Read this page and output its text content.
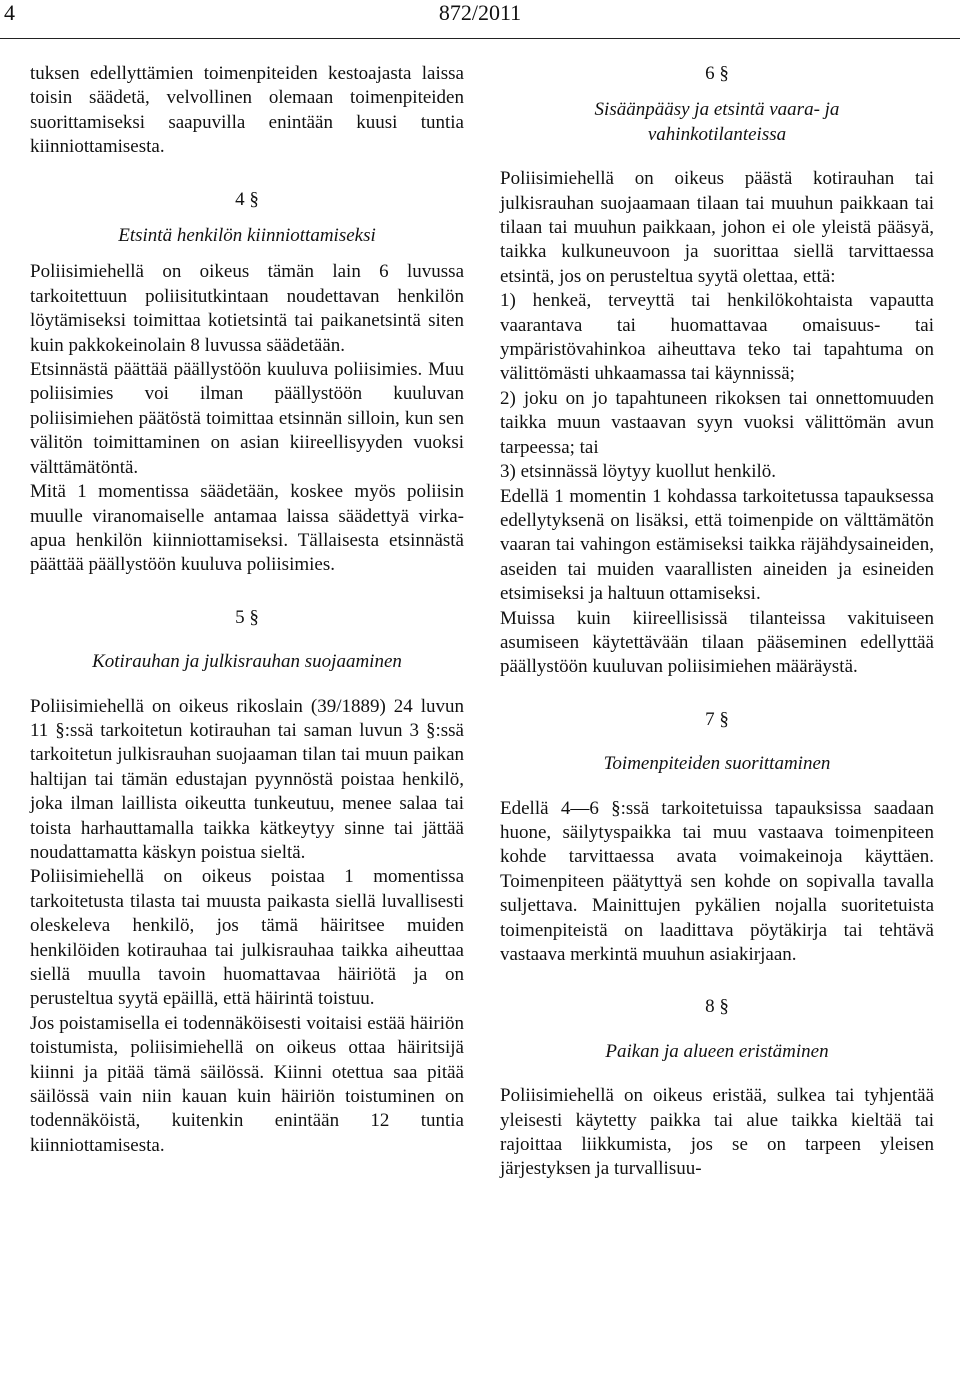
4	872/2011

tuksen edellyttämien toimenpiteiden kestoajasta laissa toisin säädetä, velvollinen olemaan toimenpiteiden suorittamiseksi saapuvilla enintään kuusi tuntia kiinniottamisesta.

4 §
Etsintä henkilön kiinniottamiseksi

Poliisimiehellä on oikeus tämän lain 6 luvussa tarkoitettuun poliisitutkintaan noudettavan henkilön löytämiseksi toimittaa kotietsintä tai paikanetsintä siten kuin pakkokeinolain 8 luvussa säädetään.

Etsinnästä päättää päällystöön kuuluva poliisimies. Muu poliisimies voi ilman päällystöön kuuluvan poliisimiehen päätöstä toimittaa etsinnän silloin, kun sen välitön toimittaminen on asian kiireellisyyden vuoksi välttämätöntä.

Mitä 1 momentissa säädetään, koskee myös poliisin muulle viranomaiselle antamaa laissa säädettyä virka-apua henkilön kiinniottamiseksi. Tällaisesta etsinnästä päättää päällystöön kuuluva poliisimies.

5 §
Kotirauhan ja julkisrauhan suojaaminen

Poliisimiehellä on oikeus rikoslain (39/1889) 24 luvun 11 §:ssä tarkoitetun kotirauhan tai saman luvun 3 §:ssä tarkoitetun julkisrauhan suojaaman tilan tai muun paikan haltijan tai tämän edustajan pyynnöstä poistaa henkilö, joka ilman laillista oikeutta tunkeutuu, menee salaa tai toista harhauttamalla taikka kätkeytyy sinne tai jättää noudattamatta käskyn poistua sieltä.

Poliisimiehellä on oikeus poistaa 1 momentissa tarkoitetusta tilasta tai muusta paikasta siellä luvallisesti oleskeleva henkilö, jos tämä häiritsee muiden henkilöiden kotirauhaa tai julkisrauhaa taikka aiheuttaa siellä muulla tavoin huomattavaa häiriötä ja on perusteltua syytä epäillä, että häirintä toistuu.

Jos poistamisella ei todennäköisesti voitaisi estää häiriön toistumista, poliisimiehellä on oikeus ottaa häiritsijä kiinni ja pitää tämä säilössä. Kiinni otettua saa pitää säilössä vain niin kauan kuin häiriön toistuminen on todennäköistä, kuitenkin enintään 12 tuntia kiinniottamisesta.

6 §
Sisäänpääsy ja etsintä vaara- ja
vahinkotilanteissa

Poliisimiehellä on oikeus päästä kotirauhan tai julkisrauhan suojaamaan tilaan tai muuhun paikkaan tai tilaan tai muuhun paikkaan, johon ei ole yleistä pääsyä, taikka kulkuneuvoon ja suorittaa siellä tarvittaessa etsintä, jos on perusteltua syytä olettaa, että:

1) henkeä, terveyttä tai henkilökohtaista vapautta vaarantava tai huomattavaa omaisuus- tai ympäristövahinkoa aiheuttava teko tai tapahtuma on välittömästi uhkaamassa tai käynnissä;

2) joku on jo tapahtuneen rikoksen tai onnettomuuden taikka muun vastaavan syyn vuoksi välittömän avun tarpeessa; tai

3) etsinnässä löytyy kuollut henkilö.

Edellä 1 momentin 1 kohdassa tarkoitetussa tapauksessa edellytyksenä on lisäksi, että toimenpide on välttämätön vaaran tai vahingon estämiseksi taikka räjähdysaineiden, aseiden tai muiden vaarallisten aineiden ja esineiden etsimiseksi ja haltuun ottamiseksi.

Muissa kuin kiireellisissä tilanteissa vakituiseen asumiseen käytettävään tilaan pääseminen edellyttää päällystöön kuuluvan poliisimiehen määräystä.

7 §
Toimenpiteiden suorittaminen

Edellä 4—6 §:ssä tarkoitetuissa tapauksissa saadaan huone, säilytyspaikka tai muu vastaava toimenpiteen kohde tarvittaessa avata voimakeinoja käyttäen. Toimenpiteen päätyttyä sen kohde on sopivalla tavalla suljettava. Mainittujen pykälien nojalla suoritetuista toimenpiteistä on laadittava pöytäkirja tai tehtävä vastaava merkintä muuhun asiakirjaan.

8 §
Paikan ja alueen eristäminen

Poliisimiehellä on oikeus eristää, sulkea tai tyhjentää yleisesti käytetty paikka tai alue taikka kieltää tai rajoittaa liikkumista, jos se on tarpeen yleisen järjestyksen ja turvallisuu-
